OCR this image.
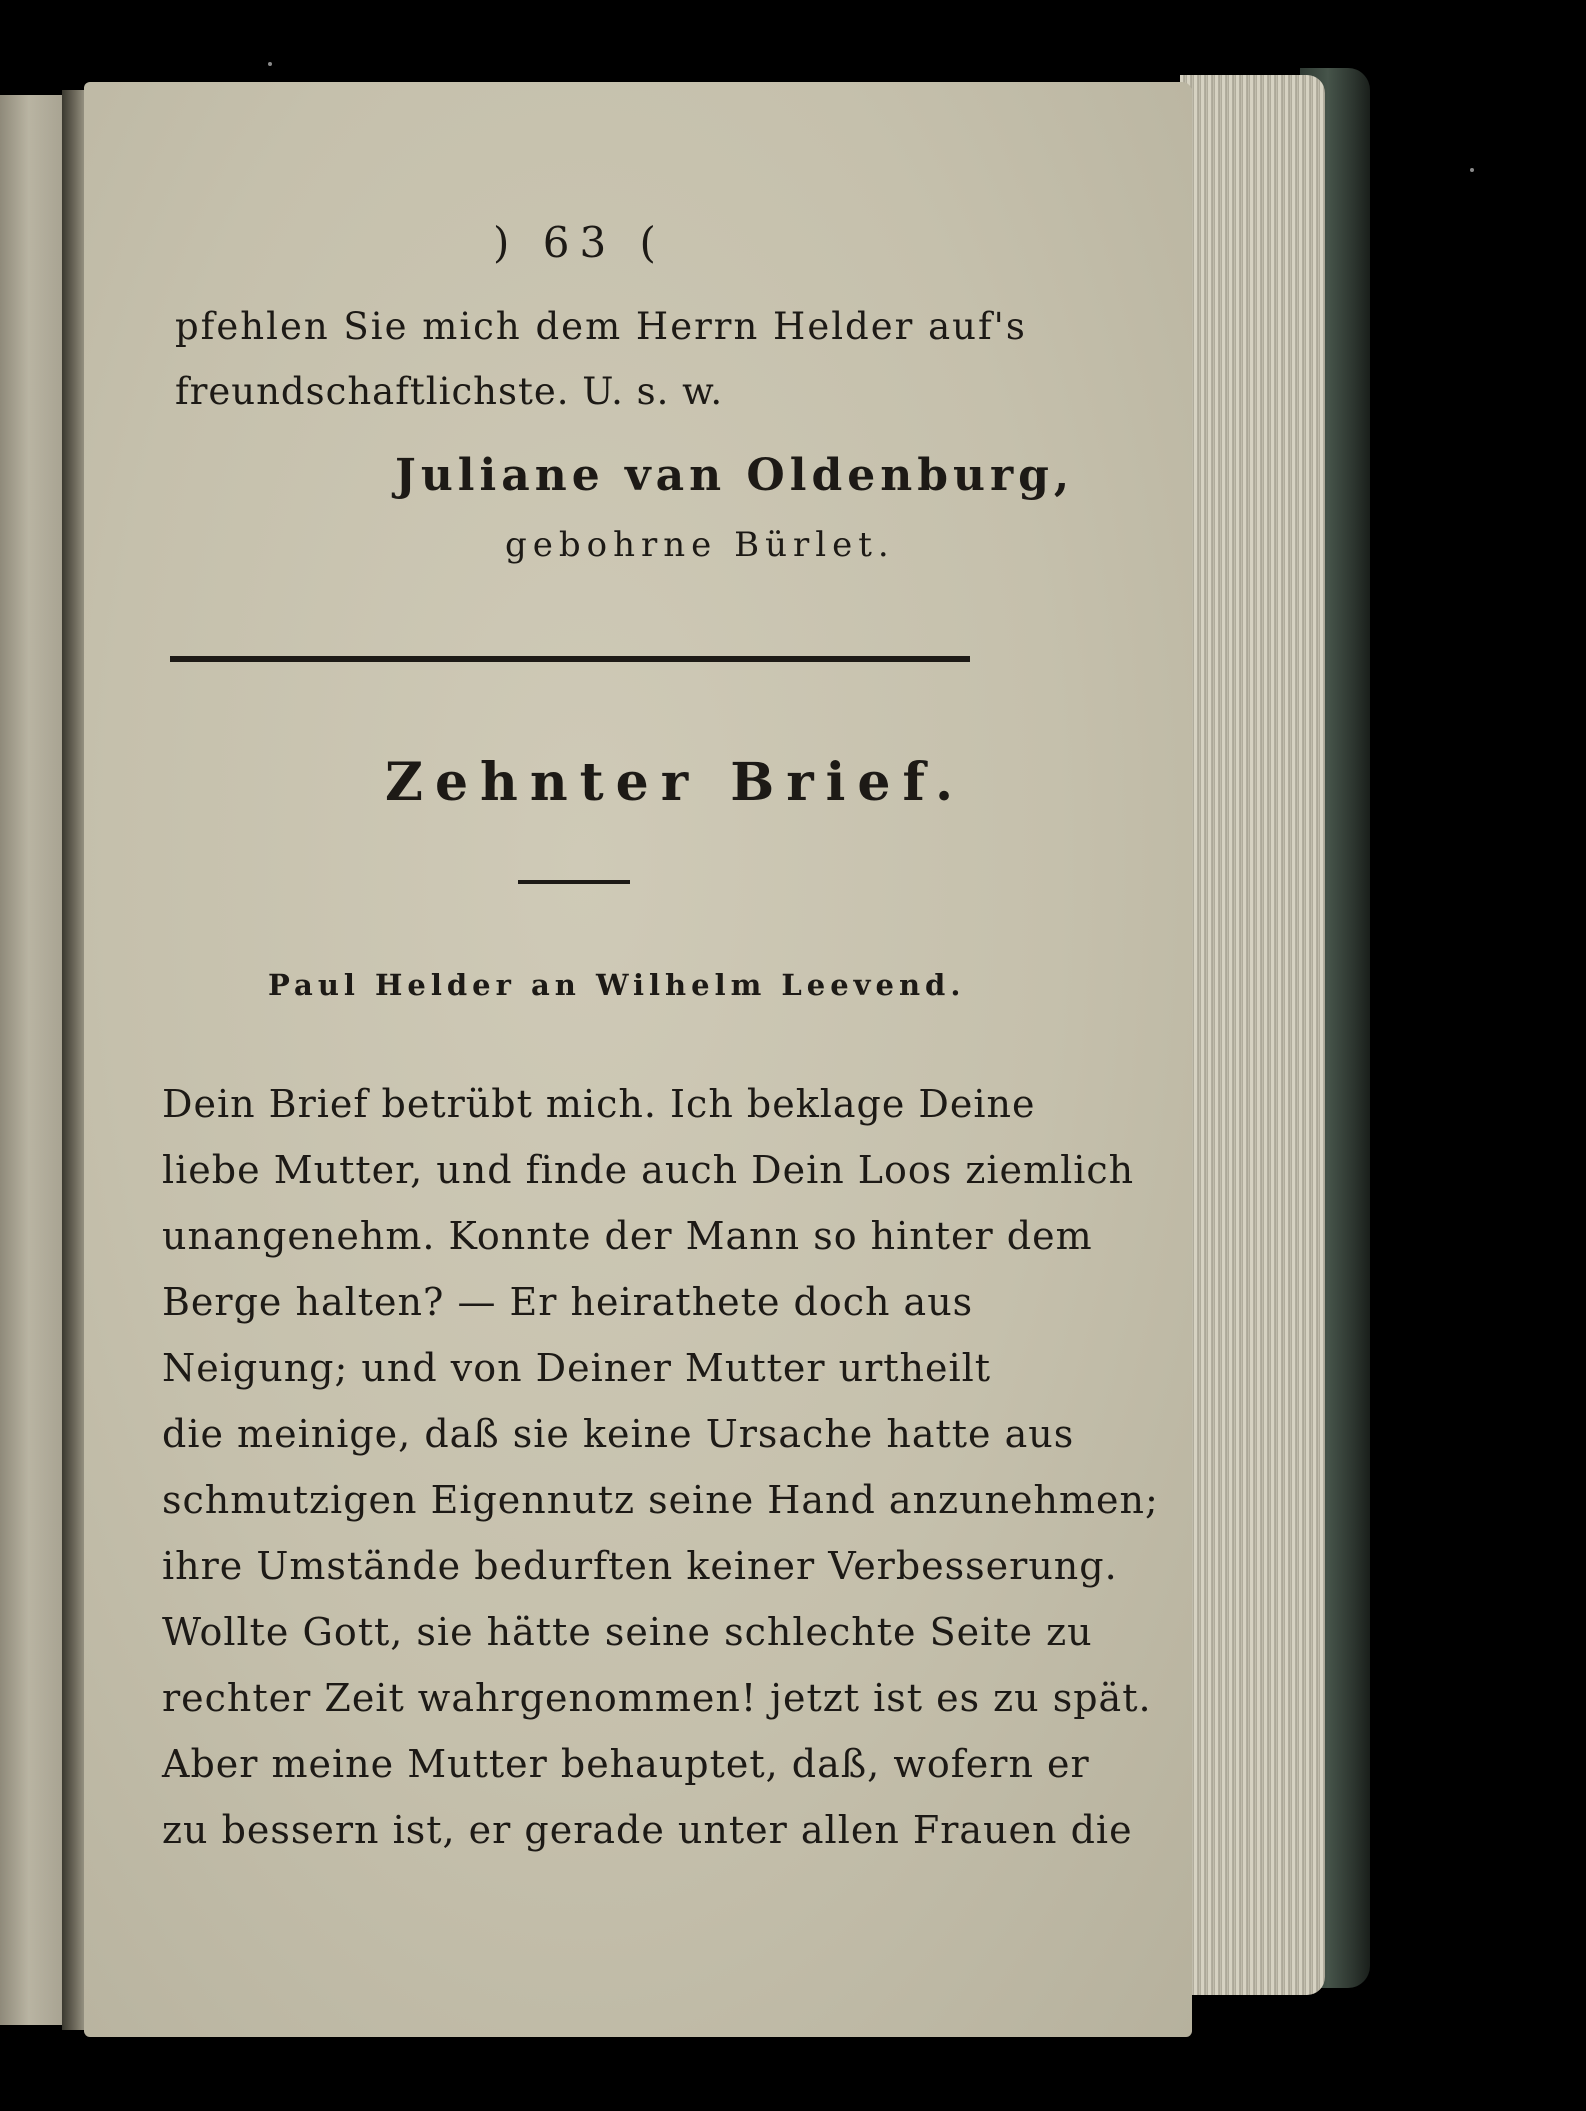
) 63 (
pfehlen Sie mich dem Herrn Helder auf's
freundschaftlichste. U. s. w.
Juliane van Oldenburg,
gebohrne Bürlet.
Zehnter Brief.
Paul Helder an Wilhelm Leevend.
Dein Brief betrübt mich. Ich beklage Deine
liebe Mutter, und finde auch Dein Loos ziemlich
unangenehm. Konnte der Mann so hinter dem
Berge halten? — Er heirathete doch aus
Neigung; und von Deiner Mutter urtheilt
die meinige, daß sie keine Ursache hatte aus
schmutzigen Eigennutz seine Hand anzunehmen;
ihre Umstände bedurften keiner Verbesserung.
Wollte Gott, sie hätte seine schlechte Seite zu
rechter Zeit wahrgenommen! jetzt ist es zu spät.
Aber meine Mutter behauptet, daß, wofern er
zu bessern ist, er gerade unter allen Frauen die
